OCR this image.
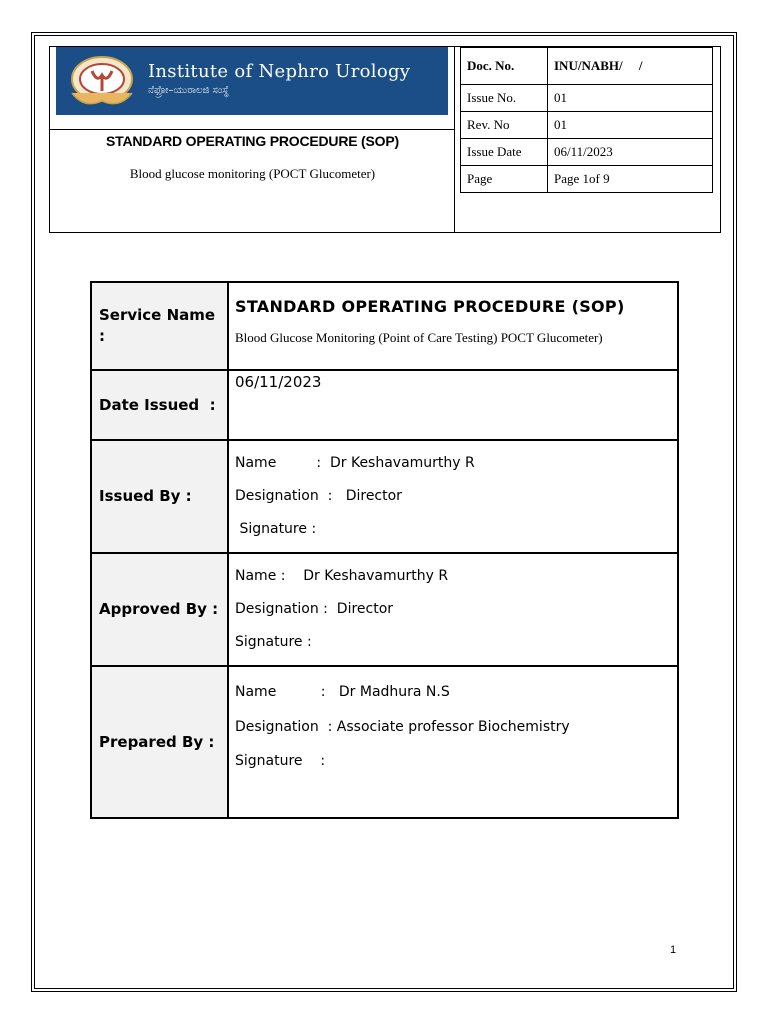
Institute of Nephro Urology
ನೆಫ್ರೋ–ಯುರಾಲಜಿ ಸಂಸ್ಥೆ
STANDARD OPERATING PROCEDURE (SOP)
Blood glucose monitoring (POCT Glucometer)
Doc. No.	INU/NABH/     /
Issue No.	01
Rev. No	01
Issue Date	06/11/2023
Page	Page 1of 9
Service Name :	STANDARD OPERATING PROCEDURE (SOP)
Blood Glucose Monitoring (Point of Care Testing) POCT Glucometer)

Date Issued  :	06/11/2023

Issued By :	Name         :  Dr Keshavamurthy R
Designation  :   Director
Signature :

Approved By :	Name :    Dr Keshavamurthy R
Designation :  Director
Signature :

Prepared By :	Name          :   Dr Madhura N.S
Designation  : Associate professor Biochemistry
Signature    :
1
